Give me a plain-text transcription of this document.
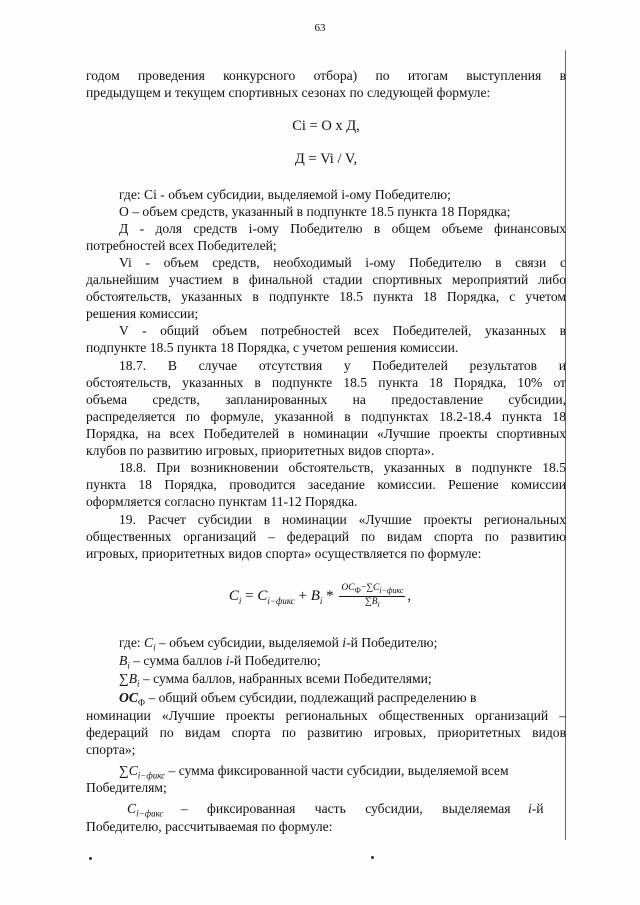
63
годом проведения конкурсного отбора) по итогам выступления в
предыдущем и текущем спортивных сезонах по следующей формуле:
Сi = О х Д,
Д = Vi / V,
где: Сi - объем субсидии, выделяемой i-ому Победителю;
О – объем средств, указанный в подпункте 18.5 пункта 18 Порядка;
Д - доля средств i-ому Победителю в общем объеме финансовых
потребностей всех Победителей;
Vi - объем средств, необходимый i-ому Победителю в связи с
дальнейшим участием в финальной стадии спортивных мероприятий либо
обстоятельств, указанных в подпункте 18.5 пункта 18 Порядка, с учетом
решения комиссии;
V - общий объем потребностей всех Победителей, указанных в
подпункте 18.5 пункта 18 Порядка, с учетом решения комиссии.
18.7. В случае отсутствия у Победителей результатов и
обстоятельств, указанных в подпункте 18.5 пункта 18 Порядка, 10% от
объема средств, запланированных на предоставление субсидии,
распределяется по формуле, указанной в подпунктах 18.2-18.4 пункта 18
Порядка, на всех Победителей в номинации «Лучшие проекты спортивных
клубов по развитию игровых, приоритетных видов спорта».
18.8. При возникновении обстоятельств, указанных в подпункте 18.5
пункта 18 Порядка, проводится заседание комиссии. Решение комиссии
оформляется согласно пунктам 11-12 Порядка.
19. Расчет субсидии в номинации «Лучшие проекты региональных
общественных организаций – федераций по видам спорта по развитию
игровых, приоритетных видов спорта» осуществляется по формуле:
$C_i = C_{i-фикс} + B_i * \frac{ОС_Ф-\sum C_{i-фикс}}{\sum B_i}$ ,
где: $C_i$ – объем субсидии, выделяемой i-й Победителю;
$B_i$ – сумма баллов i-й Победителю;
$\sum B_i$ – сумма баллов, набранных всеми Победителями;
$ОС_Ф$ – общий объем субсидии, подлежащий распределению в
номинации «Лучшие проекты региональных общественных организаций –
федераций по видам спорта по развитию игровых, приоритетных видов
спорта»;
$\sum C_{i-фикс}$ – сумма фиксированной части субсидии, выделяемой всем
Победителям;
$C_{i-фикс}$ – фиксированная часть субсидии, выделяемая i-й
Победителю, рассчитываемая по формуле:
